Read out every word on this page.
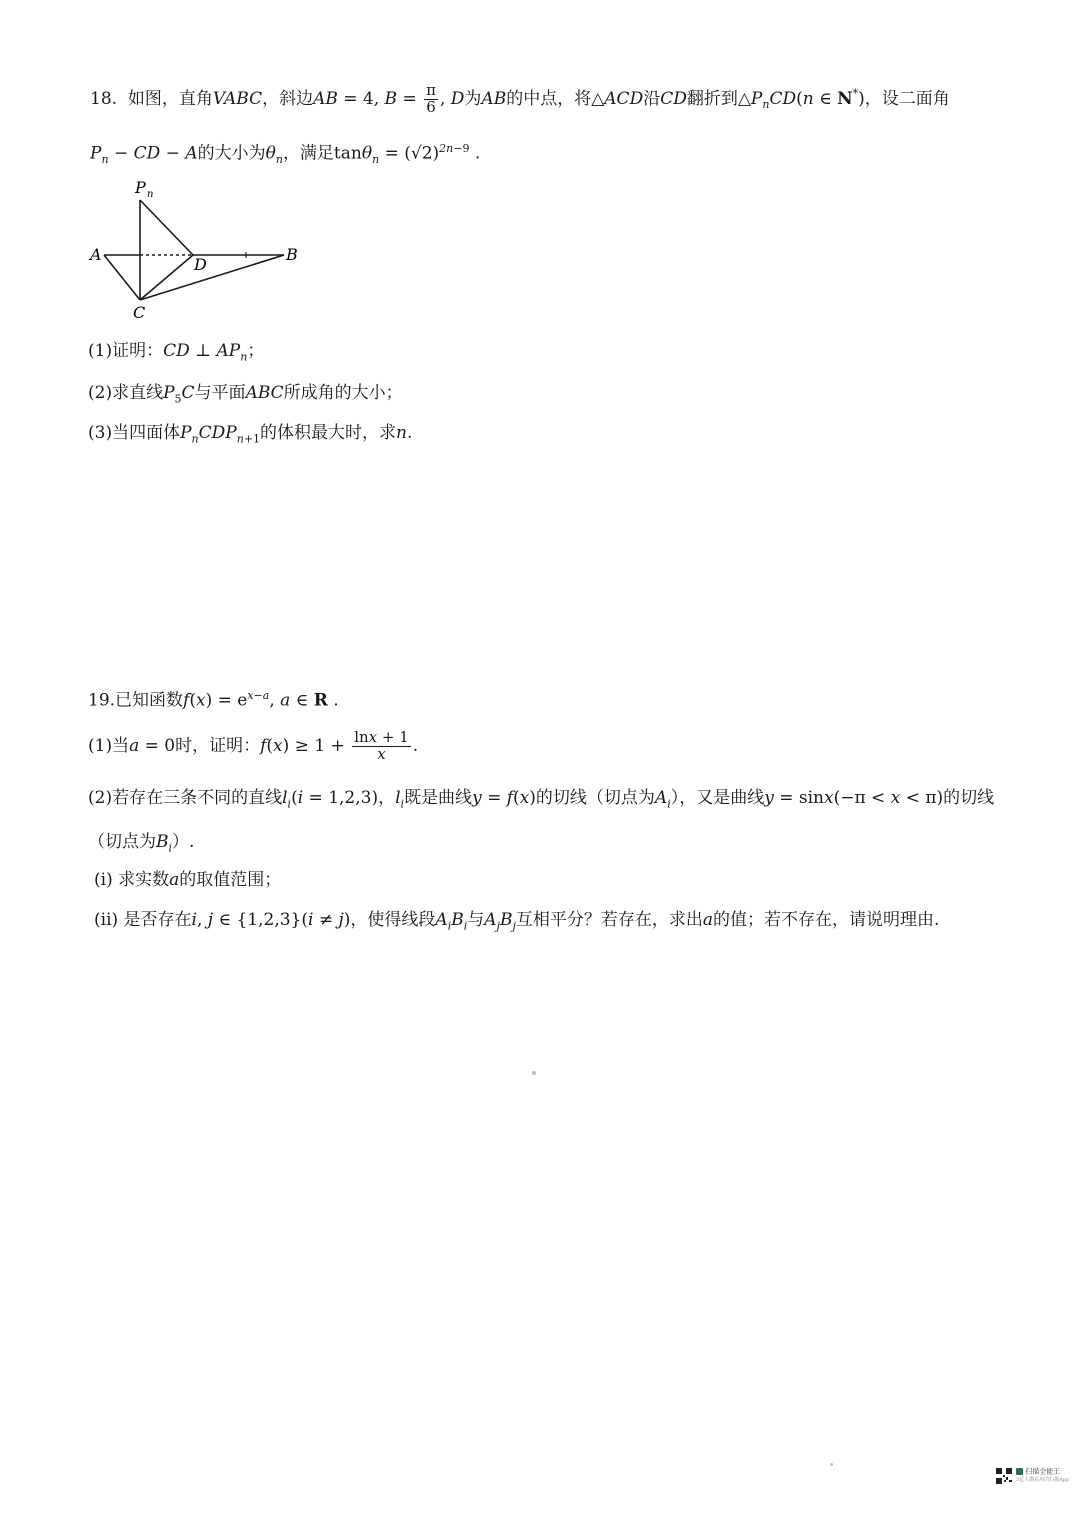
18.  如图，直角VABC，斜边AB = 4, $B = \frac{\pi}{6}$ , D为AB的中点，将△ACD沿CD翻折到$\triangle P_nCD(n$ ∈ N*)，设二面角
$P_n$ − CD − A的大小为$\theta_n$，满足$\tan\theta_n = (√2)^{2n-9}$ .
P n
A
D
B
C
(1)证明：CD ⊥ $AP_n$；
(2)求直线$P_5C$与平面ABC所成角的大小；
(3)当四面体$P_nCDP_{n+1}$的体积最大时，求n.
19.已知函数$f(x) = e^{x-a}$, a ∈ R .
(1)当a = 0时，证明：$f(x) \ge 1 + \frac{\ln x + 1}{x}$ .
(2)若存在三条不同的直线$l_i(i = 1,2,3)$，$l_i$既是曲线y = f(x)的切线（切点为$A_i$），又是曲线y = sinx(−π < x < π)的切线
（切点为$B_i$）.
(i) 求实数a的取值范围；
(ii) 是否存在i, j ∈ {1,2,3}(i ≠ j)，使得线段$A_iB_i$与$A_jB_j$互相平分？若存在，求出a的值；若不存在，请说明理由.
扫描全能王
3亿人都在用的扫描App
